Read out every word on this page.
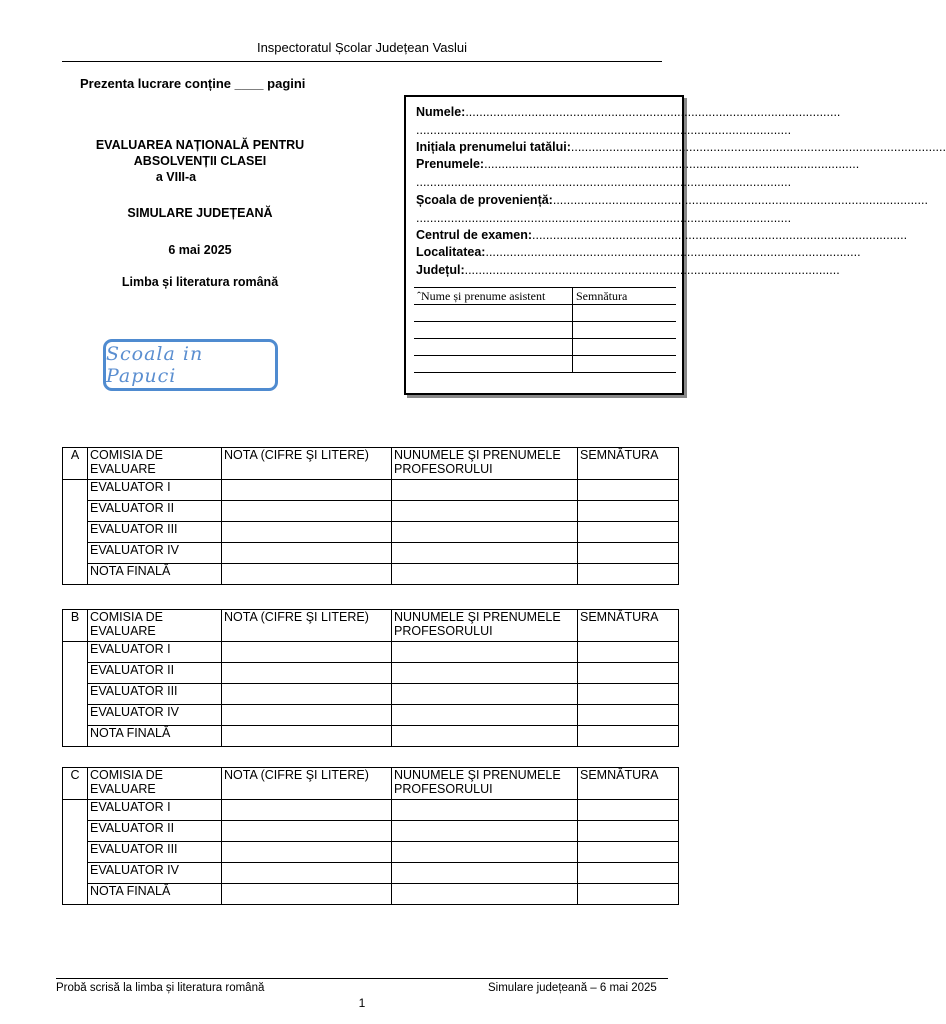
Inspectoratul Școlar Județean Vaslui
Prezenta lucrare conține ____ pagini
EVALUAREA NAȚIONALĂ PENTRU
ABSOLVENȚII CLASEI
a VIII-a
SIMULARE JUDEȚEANĂ
6 mai 2025
Limba și literatura română
Scoala in Papuci
Numele:............................................................................................................
............................................................................................................
Inițiala prenumelui tatălui:............................................................................................................
Prenumele:............................................................................................................
............................................................................................................
Școala de proveniență:............................................................................................................
............................................................................................................
Centrul de examen:............................................................................................................
Localitatea:............................................................................................................
Județul:............................................................................................................
ˆNume și prenume asistent	Semnătura

A	COMISIA DE EVALUARE	NOTA (CIFRE ŞI LITERE)	NUNUMELE ŞI PRENUMELE PROFESORULUI	SEMNĂTURA
	EVALUATOR I			
	EVALUATOR II			
	EVALUATOR III			
	EVALUATOR IV			
	NOTA FINALĂ			
B	COMISIA DE EVALUARE	NOTA (CIFRE ŞI LITERE)	NUNUMELE ŞI PRENUMELE PROFESORULUI	SEMNĂTURA
	EVALUATOR I			
	EVALUATOR II			
	EVALUATOR III			
	EVALUATOR IV			
	NOTA FINALĂ			
C	COMISIA DE EVALUARE	NOTA (CIFRE ŞI LITERE)	NUNUMELE ŞI PRENUMELE PROFESORULUI	SEMNĂTURA
	EVALUATOR I			
	EVALUATOR II			
	EVALUATOR III			
	EVALUATOR IV			
	NOTA FINALĂ			
Probă scrisă la limba și literatura română	Simulare județeană – 6 mai 2025
1
